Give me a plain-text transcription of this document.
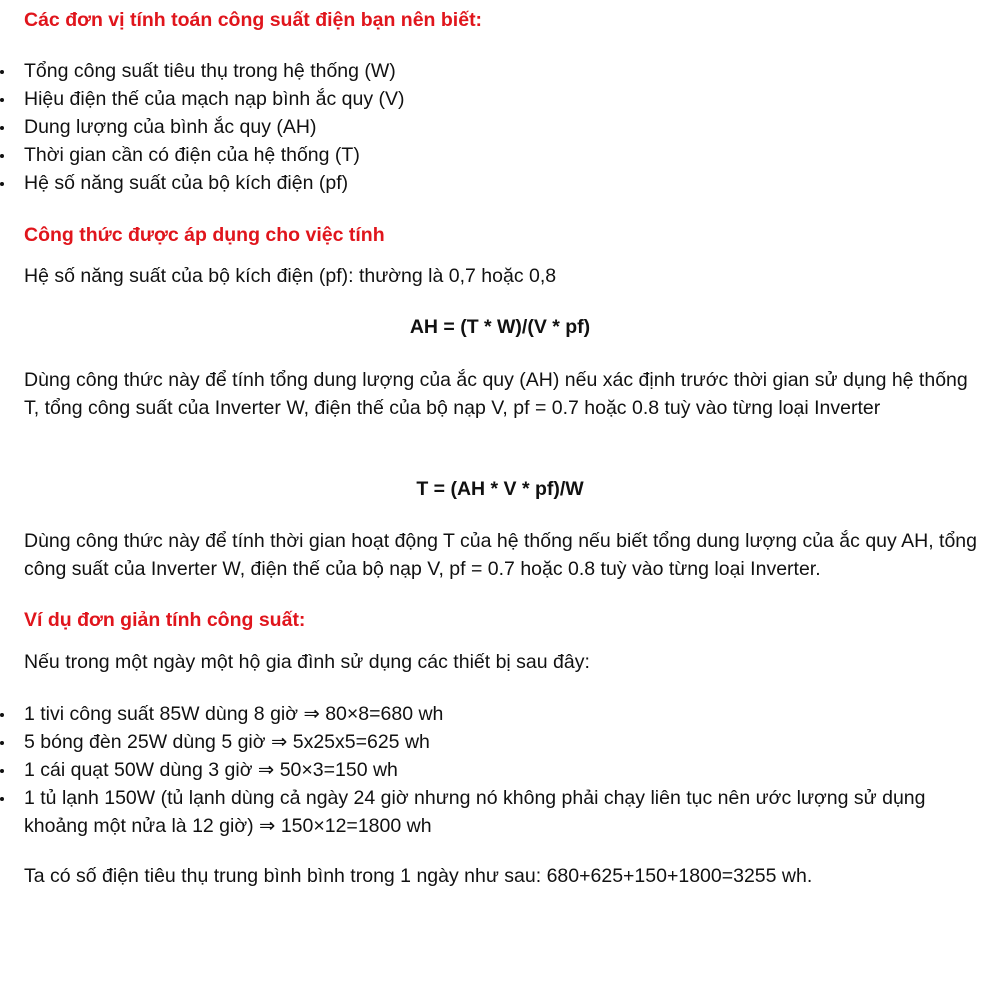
Các đơn vị tính toán công suất điện bạn nên biết:
Tổng công suất tiêu thụ trong hệ thống (W)
Hiệu điện thế của mạch nạp bình ắc quy (V)
Dung lượng của bình ắc quy (AH)
Thời gian cần có điện của hệ thống (T)
Hệ số năng suất của bộ kích điện (pf)
Công thức được áp dụng cho việc tính

Hệ số năng suất của bộ kích điện (pf): thường là 0,7 hoặc 0,8

AH = (T * W)/(V * pf)

Dùng công thức này để tính tổng dung lượng của ắc quy (AH) nếu xác định trước thời gian sử dụng hệ thống T, tổng công suất của Inverter W, điện thế của bộ nạp V, pf = 0.7 hoặc 0.8 tuỳ vào từng loại Inverter

T = (AH * V * pf)/W

Dùng công thức này để tính thời gian hoạt động T của hệ thống nếu biết tổng dung lượng của ắc quy AH, tổng công suất của Inverter W, điện thế của bộ nạp V, pf = 0.7 hoặc 0.8 tuỳ vào từng loại Inverter.

Ví dụ đơn giản tính công suất:

Nếu trong một ngày một hộ gia đình sử dụng các thiết bị sau đây:

1 tivi công suất 85W dùng 8 giờ ⇒ 80×8=680 wh
5 bóng đèn 25W dùng 5 giờ ⇒ 5x25x5=625 wh
1 cái quạt 50W dùng 3 giờ ⇒ 50×3=150 wh
1 tủ lạnh 150W (tủ lạnh dùng cả ngày 24 giờ nhưng nó không phải chạy liên tục nên ước lượng sử dụng khoảng một nửa là 12 giờ) ⇒ 150×12=1800 wh

Ta có số điện tiêu thụ trung bình bình trong 1 ngày như sau: 680+625+150+1800=3255 wh.
